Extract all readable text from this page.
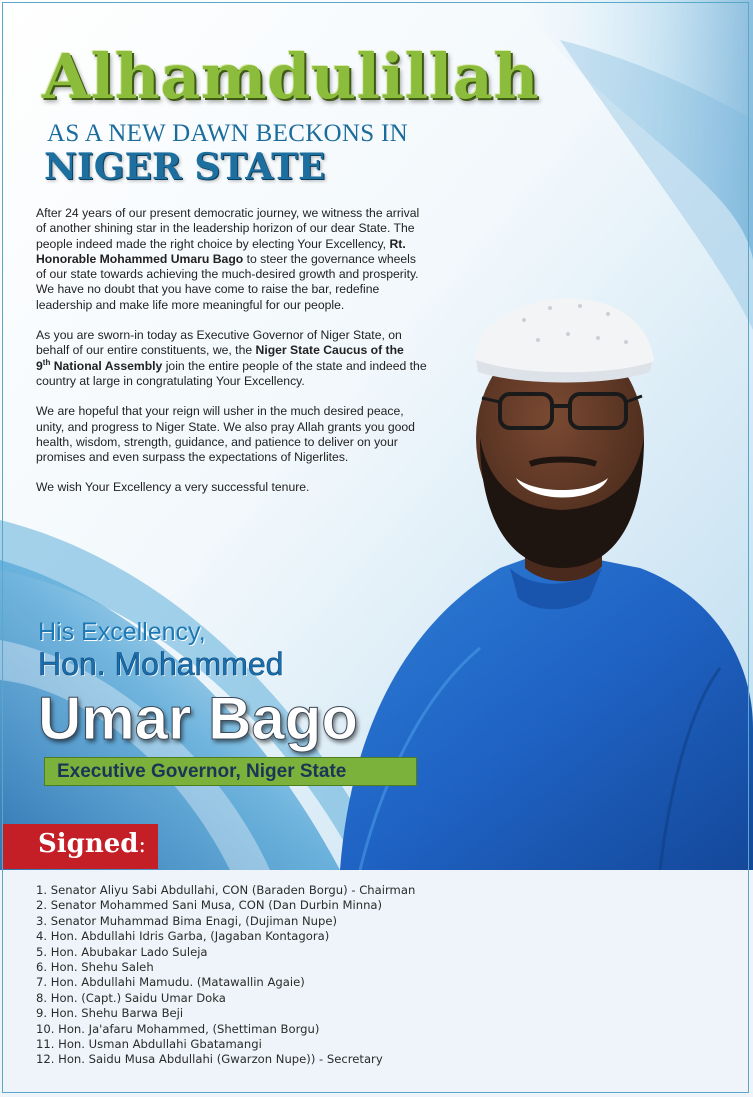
Alhamdulillah
AS A NEW DAWN BECKONS IN
NIGER STATE

After 24 years of our present democratic journey, we witness the arrival of another shining star in the leadership horizon of our dear State. The people indeed made the right choice by electing Your Excellency, Rt. Honorable Mohammed Umaru Bago to steer the governance wheels of our state towards achieving the much-desired growth and prosperity. We have no doubt that you have come to raise the bar, redefine leadership and make life more meaningful for our people.

As you are sworn-in today as Executive Governor of Niger State, on behalf of our entire constituents, we, the Niger State Caucus of the
9th National Assembly join the entire people of the state and indeed the country at large in congratulating Your Excellency.

We are hopeful that your reign will usher in the much desired peace, unity, and progress to Niger State. We also pray Allah grants you good health, wisdom, strength, guidance, and patience to deliver on your promises and even surpass the expectations of Nigerlites.

We wish Your Excellency a very successful tenure.

His Excellency,
Hon. Mohammed
Umar Bago
Executive Governor, Niger State
Signed:
1. Senator Aliyu Sabi Abdullahi, CON (Baraden Borgu) - Chairman
2. Senator Mohammed Sani Musa, CON (Dan Durbin Minna)
3. Senator Muhammad Bima Enagi, (Dujiman Nupe)
4. Hon. Abdullahi Idris Garba, (Jagaban Kontagora)
5. Hon. Abubakar Lado Suleja
6. Hon. Shehu Saleh
7. Hon. Abdullahi Mamudu. (Matawallin Agaie)
8. Hon. (Capt.) Saidu Umar Doka
9. Hon. Shehu Barwa Beji
10. Hon. Ja'afaru Mohammed, (Shettiman Borgu)
11. Hon. Usman Abdullahi Gbatamangi
12. Hon. Saidu Musa Abdullahi (Gwarzon Nupe)) - Secretary
